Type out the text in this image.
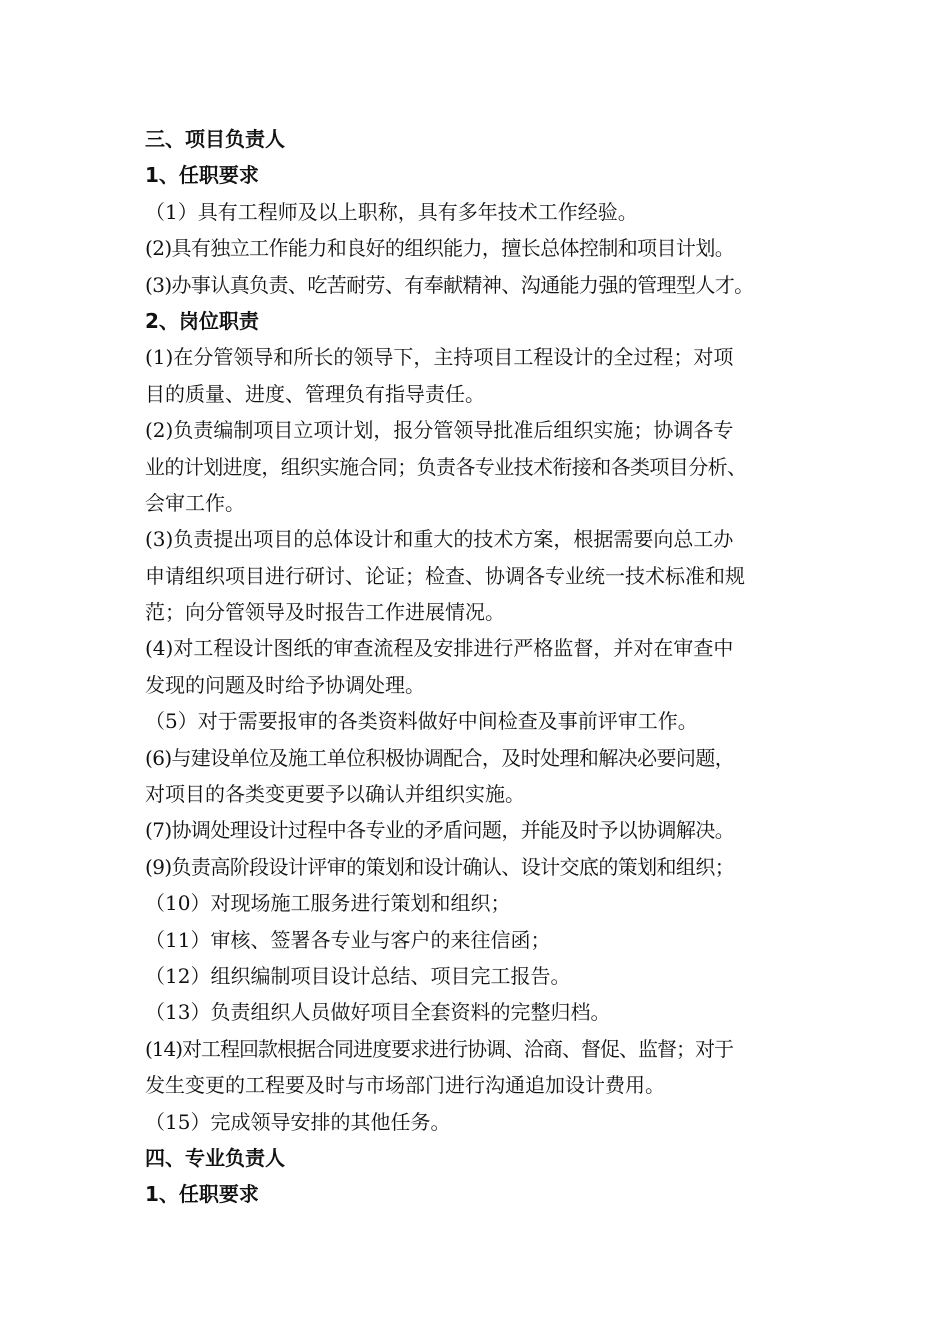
三、项目负责人
1、任职要求
（1）具有工程师及以上职称，具有多年技术工作经验。
(2)具有独立工作能力和良好的组织能力，擅长总体控制和项目计划。
(3)办事认真负责、吃苦耐劳、有奉献精神、沟通能力强的管理型人才。
2、岗位职责
(1)在分管领导和所长的领导下，主持项目工程设计的全过程；对项
目的质量、进度、管理负有指导责任。
(2)负责编制项目立项计划，报分管领导批准后组织实施；协调各专
业的计划进度，组织实施合同；负责各专业技术衔接和各类项目分析、
会审工作。
(3)负责提出项目的总体设计和重大的技术方案，根据需要向总工办
申请组织项目进行研讨、论证；检查、协调各专业统一技术标准和规
范；向分管领导及时报告工作进展情况。
(4)对工程设计图纸的审查流程及安排进行严格监督，并对在审查中
发现的问题及时给予协调处理。
（5）对于需要报审的各类资料做好中间检查及事前评审工作。
(6)与建设单位及施工单位积极协调配合，及时处理和解决必要问题，
对项目的各类变更要予以确认并组织实施。
(7)协调处理设计过程中各专业的矛盾问题，并能及时予以协调解决。
(9)负责高阶段设计评审的策划和设计确认、设计交底的策划和组织；
（10）对现场施工服务进行策划和组织；
（11）审核、签署各专业与客户的来往信函；
（12）组织编制项目设计总结、项目完工报告。
（13）负责组织人员做好项目全套资料的完整归档。
(14)对工程回款根据合同进度要求进行协调、洽商、督促、监督；对于
发生变更的工程要及时与市场部门进行沟通追加设计费用。
（15）完成领导安排的其他任务。
四、专业负责人
1、任职要求
